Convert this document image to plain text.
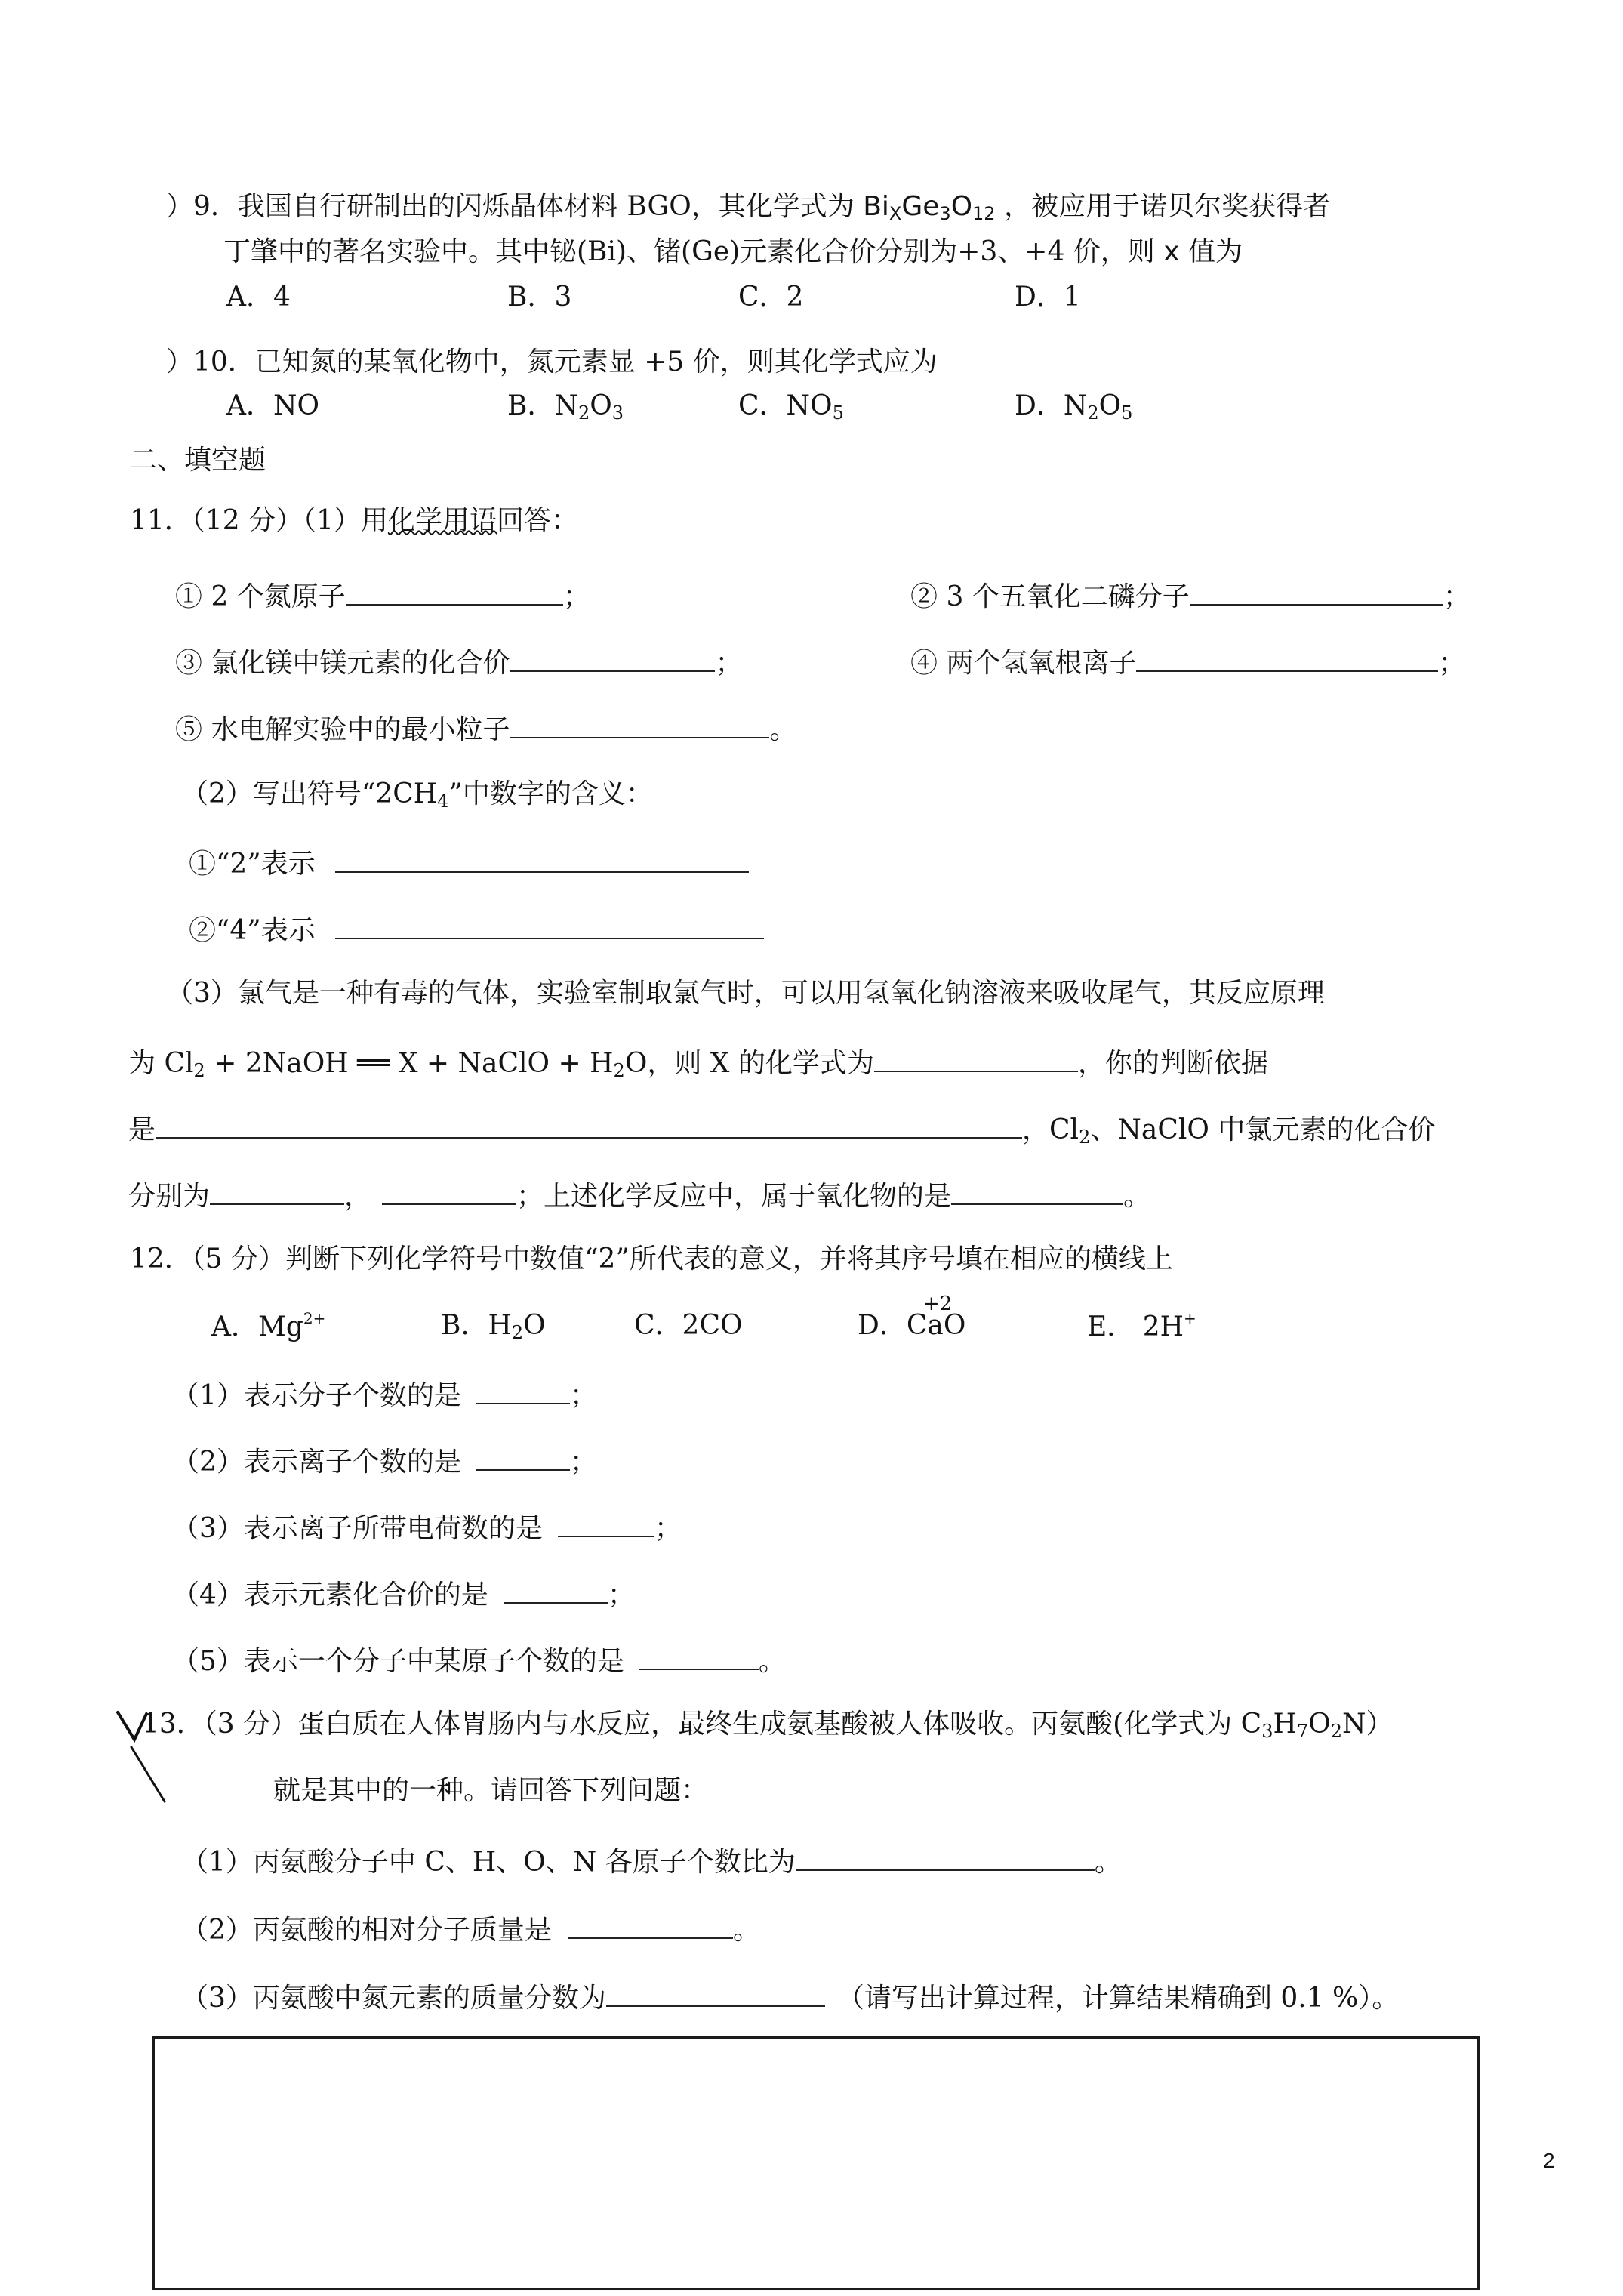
）9．我国自行研制出的闪烁晶体材料 BGO，其化学式为 $Bi_XGe_3O_{12}$ ，被应用于诺贝尔奖获得者
丁肇中的著名实验中。其中铋(Bi)、锗(Ge)元素化合价分别为+3、+4 价，则 x 值为
A．4	B．3	C．2	D．1
）10．已知氮的某氧化物中，氮元素显 +5 价，则其化学式应为
A．NO	B．$N_2O_3$	C．$NO_5$	D．$N_2O_5$
二、填空题
11．（12 分）（1）用化学用语回答：
① 2 个氮原子	；	② 3 个五氧化二磷分子	；
③ 氯化镁中镁元素的化合价	；	④ 两个氢氧根离子	；
⑤ 水电解实验中的最小粒子	。
（2）写出符号“$2CH_4$”中数字的含义：
①“2”表示
②“4”表示
（3）氯气是一种有毒的气体，实验室制取氯气时，可以用氢氧化钠溶液来吸收尾气，其反应原理
为 $Cl_2$ + 2NaOH ══ X + NaClO + $H_2O$，则 X 的化学式为	，你的判断依据
是	，$Cl_2$、NaClO 中氯元素的化合价
分别为	，	；上述化学反应中，属于氧化物的是	。
12．（5 分）判断下列化学符号中数值“2”所代表的意义，并将其序号填在相应的横线上
A．$Mg^{2+}$	B．$H_2O$	C．2CO	D．
+2
CaO	E． 2H+
（1）表示分子个数的是	；
（2）表示离子个数的是	；
（3）表示离子所带电荷数的是	；
（4）表示元素化合价的是	；
（5）表示一个分子中某原子个数的是	。
13．（3 分）蛋白质在人体胃肠内与水反应，最终生成氨基酸被人体吸收。丙氨酸(化学式为 $C_3H_7O_2N$）
就是其中的一种。请回答下列问题：
（1）丙氨酸分子中 C、H、O、N 各原子个数比为	。
（2）丙氨酸的相对分子质量是	。
（3）丙氨酸中氮元素的质量分数为	（请写出计算过程，计算结果精确到 0.1 %）。
2
